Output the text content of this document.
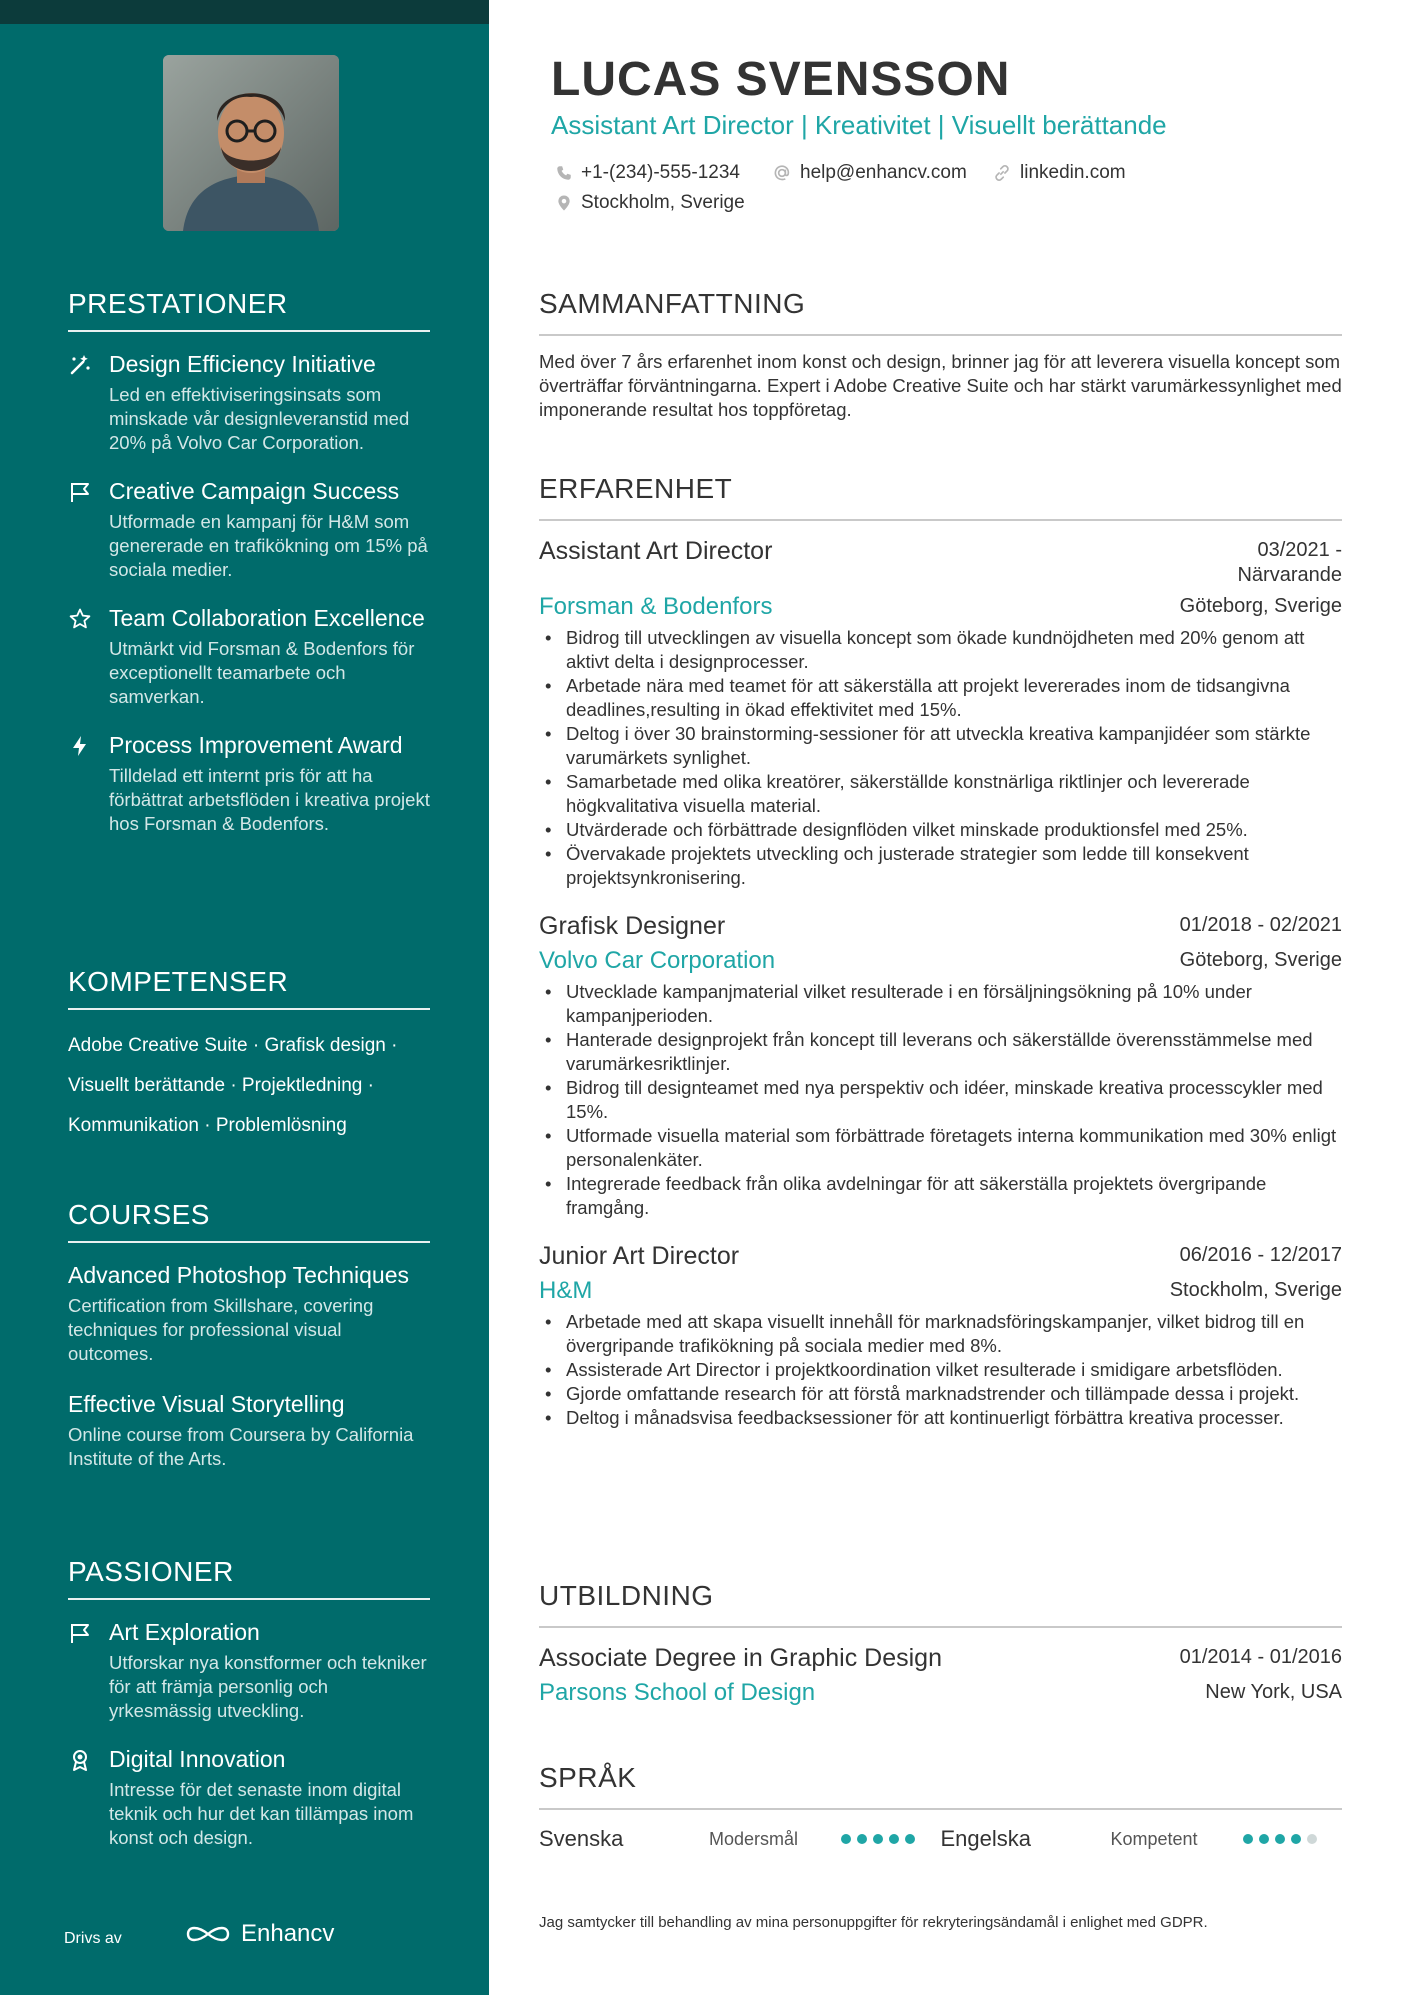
PRESTATIONER
Design Efficiency Initiative
Led en effektiviseringsinsats som minskade vår designleveranstid med 20% på Volvo Car Corporation.
Creative Campaign Success
Utformade en kampanj för H&M som genererade en trafikökning om 15% på sociala medier.
Team Collaboration Excellence
Utmärkt vid Forsman & Bodenfors för exceptionellt teamarbete och samverkan.
Process Improvement Award
Tilldelad ett internt pris för att ha förbättrat arbetsflöden i kreativa projekt hos Forsman & Bodenfors.
KOMPETENSER
Adobe Creative Suite · Grafisk design ·
Visuellt berättande · Projektledning ·
Kommunikation · Problemlösning
COURSES
Advanced Photoshop Techniques
Certification from Skillshare, covering techniques for professional visual outcomes.
Effective Visual Storytelling
Online course from Coursera by California Institute of the Arts.
PASSIONER
Art Exploration
Utforskar nya konstformer och tekniker för att främja personlig och yrkesmässig utveckling.
Digital Innovation
Intresse för det senaste inom digital teknik och hur det kan tillämpas inom konst och design.
Drivs av	Enhancv
LUCAS SVENSSON
Assistant Art Director | Kreativitet | Visuellt berättande
+1-(234)-555-1234	help@enhancv.com	linkedin.com
Stockholm, Sverige
SAMMANFATTNING
Med över 7 års erfarenhet inom konst och design, brinner jag för att leverera visuella koncept som överträffar förväntningarna. Expert i Adobe Creative Suite och har stärkt varumärkessynlighet med imponerande resultat hos toppföretag.
ERFARENHET
Assistant Art Director	03/2021 - Närvarande
Forsman & Bodenfors	Göteborg, Sverige
• Bidrog till utvecklingen av visuella koncept som ökade kundnöjdheten med 20% genom att aktivt delta i designprocesser.
• Arbetade nära med teamet för att säkerställa att projekt levererades inom de tidsangivna deadlines,resulting in ökad effektivitet med 15%.
• Deltog i över 30 brainstorming-sessioner för att utveckla kreativa kampanjidéer som stärkte varumärkets synlighet.
• Samarbetade med olika kreatörer, säkerställde konstnärliga riktlinjer och levererade högkvalitativa visuella material.
• Utvärderade och förbättrade designflöden vilket minskade produktionsfel med 25%.
• Övervakade projektets utveckling och justerade strategier som ledde till konsekvent projektsynkronisering.
Grafisk Designer	01/2018 - 02/2021
Volvo Car Corporation	Göteborg, Sverige
• Utvecklade kampanjmaterial vilket resulterade i en försäljningsökning på 10% under kampanjperioden.
• Hanterade designprojekt från koncept till leverans och säkerställde överensstämmelse med varumärkesriktlinjer.
• Bidrog till designteamet med nya perspektiv och idéer, minskade kreativa processcykler med 15%.
• Utformade visuella material som förbättrade företagets interna kommunikation med 30% enligt personalenkäter.
• Integrerade feedback från olika avdelningar för att säkerställa projektets övergripande framgång.
Junior Art Director	06/2016 - 12/2017
H&M	Stockholm, Sverige
• Arbetade med att skapa visuellt innehåll för marknadsföringskampanjer, vilket bidrog till en övergripande trafikökning på sociala medier med 8%.
• Assisterade Art Director i projektkoordination vilket resulterade i smidigare arbetsflöden.
• Gjorde omfattande research för att förstå marknadstrender och tillämpade dessa i projekt.
• Deltog i månadsvisa feedbacksessioner för att kontinuerligt förbättra kreativa processer.
UTBILDNING
Associate Degree in Graphic Design	01/2014 - 01/2016
Parsons School of Design	New York, USA
SPRÅK
Svenska	Modersmål	Engelska	Kompetent
Jag samtycker till behandling av mina personuppgifter för rekryteringsändamål i enlighet med GDPR.
